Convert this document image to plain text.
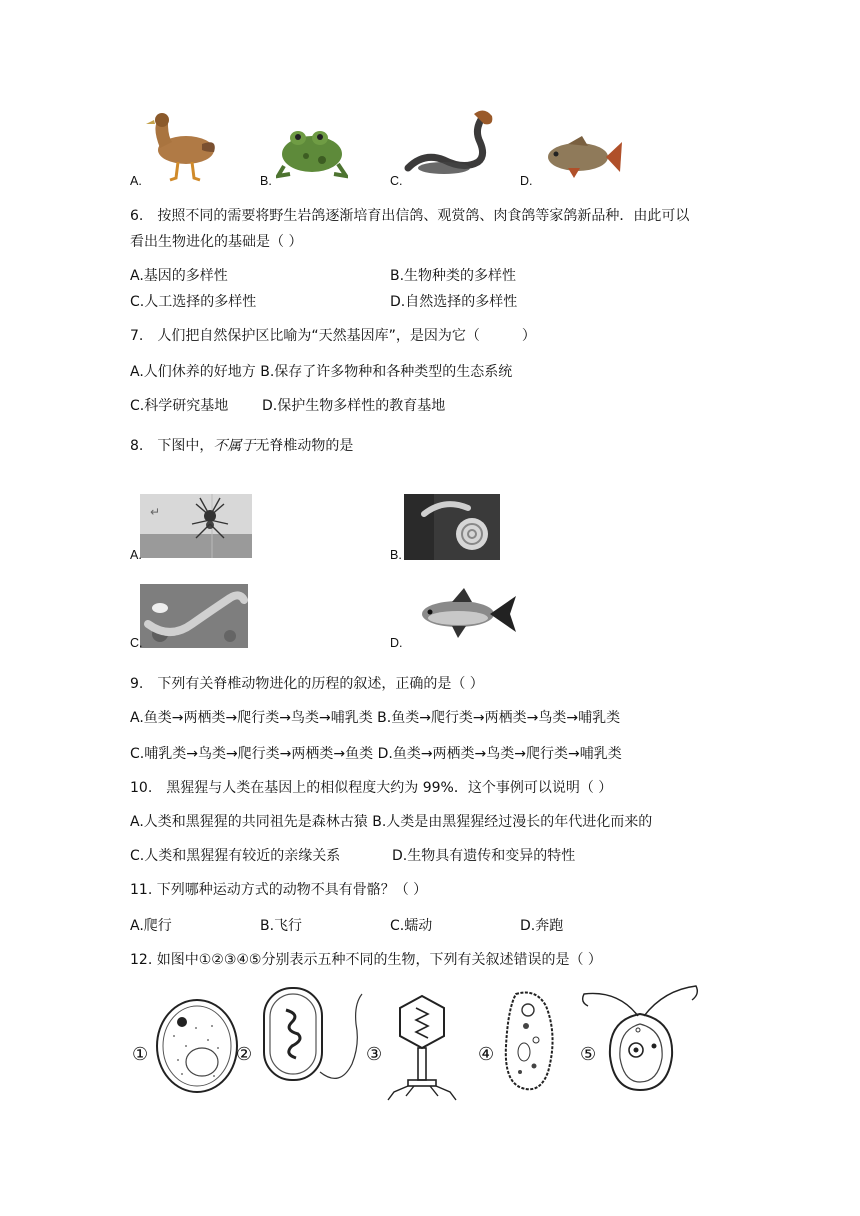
A.	B.	C.	D.
6.　按照不同的需要将野生岩鸽逐渐培育出信鸽、观赏鸽、肉食鸽等家鸽新品种．由此可以
看出生物进化的基础是（ ）
A.基因的多样性	B.生物种类的多样性
C.人工选择的多样性	D.自然选择的多样性
7.　人们把自然保护区比喻为“天然基因库”，是因为它（　　　）
A.人们休养的好地方 B.保存了许多物种和各种类型的生态系统
C.科学研究基地 D.保护生物多样性的教育基地
8.　下图中，不属于无脊椎动物的是
↵
A.	B.
C.	D.
9.　下列有关脊椎动物进化的历程的叙述，正确的是（ ）
A.鱼类→两栖类→爬行类→鸟类→哺乳类 B.鱼类→爬行类→两栖类→鸟类→哺乳类
C.哺乳类→鸟类→爬行类→两栖类→鱼类 D.鱼类→两栖类→鸟类→爬行类→哺乳类
10.　黑猩猩与人类在基因上的相似程度大约为 99%．这个事例可以说明（ ）
A.人类和黑猩猩的共同祖先是森林古猿 B.人类是由黑猩猩经过漫长的年代进化而来的
C.人类和黑猩猩有较近的亲缘关系	D.生物具有遗传和变异的特性
11. 下列哪种运动方式的动物不具有骨骼？（ ）
A.爬行	B.飞行	C.蠕动	D.奔跑
12. 如图中①②③④⑤分别表示五种不同的生物，下列有关叙述错误的是（ ）
①	②	③	④	⑤
